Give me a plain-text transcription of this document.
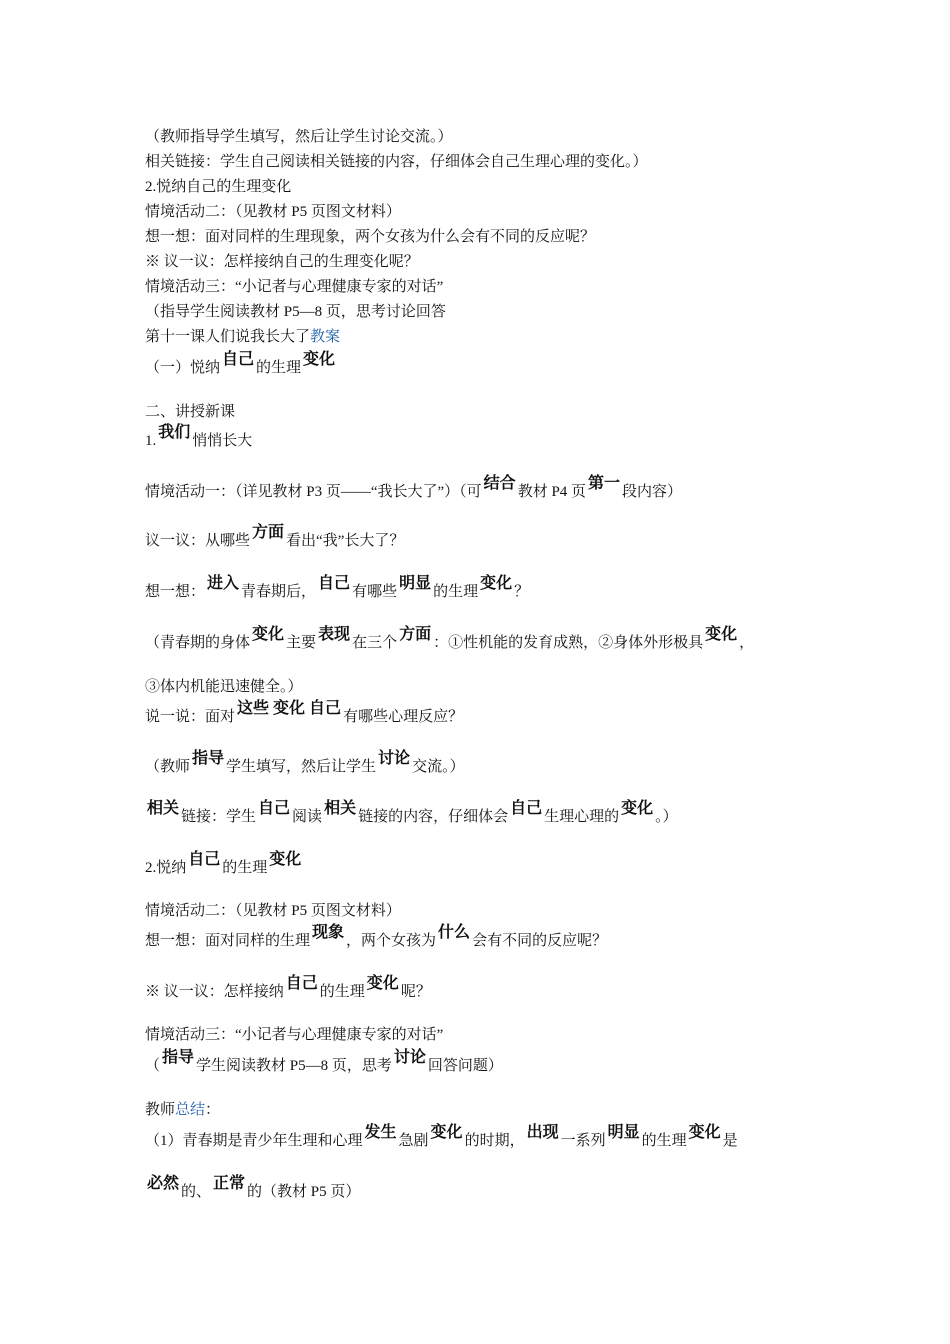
（教师指导学生填写，然后让学生讨论交流。）

相关链接：学生自己阅读相关链接的内容，仔细体会自己生理心理的变化。）

2.悦纳自己的生理变化

情境活动二：（见教材 P5 页图文材料）

想一想：面对同样的生理现象，两个女孩为什么会有不同的反应呢？

※ 议一议：怎样接纳自己的生理变化呢？

情境活动三：“小记者与心理健康专家的对话”

（指导学生阅读教材 P5—8 页，思考讨论回答

第十一课人们说我长大了教案

（一）悦纳 自己 的生理 变化

二、讲授新课

1. 我们 悄悄长大

情境活动一：（详见教材 P3 页——“我长大了”）（可 结合 教材 P4 页 第一 段内容）

议一议：从哪些 方面 看出“我”长大了？

想一想： 进入 青春期后， 自己 有哪些 明显 的生理 变化 ？

（青春期的身体 变化 主要 表现 在三个 方面 ：①性机能的发育成熟，②身体外形极具 变化 ，

③体内机能迅速健全。）

说一说：面对 这些 变化 自己 有哪些心理反应？

（教师 指导 学生填写，然后让学生 讨论 交流。）

相关 链接：学生 自己 阅读 相关 链接的内容，仔细体会 自己 生理心理的 变化 。）

2.悦纳 自己 的生理 变化

情境活动二：（见教材 P5 页图文材料）

想一想：面对同样的生理 现象 ，两个女孩为 什么 会有不同的反应呢？

※ 议一议：怎样接纳 自己 的生理 变化 呢？

情境活动三：“小记者与心理健康专家的对话”

（ 指导 学生阅读教材 P5—8 页，思考 讨论 回答问题）

教师总结：

（1）青春期是青少年生理和心理 发生 急剧 变化 的时期， 出现 一系列 明显 的生理 变化 是

必然 的、 正常 的（教材 P5 页）
